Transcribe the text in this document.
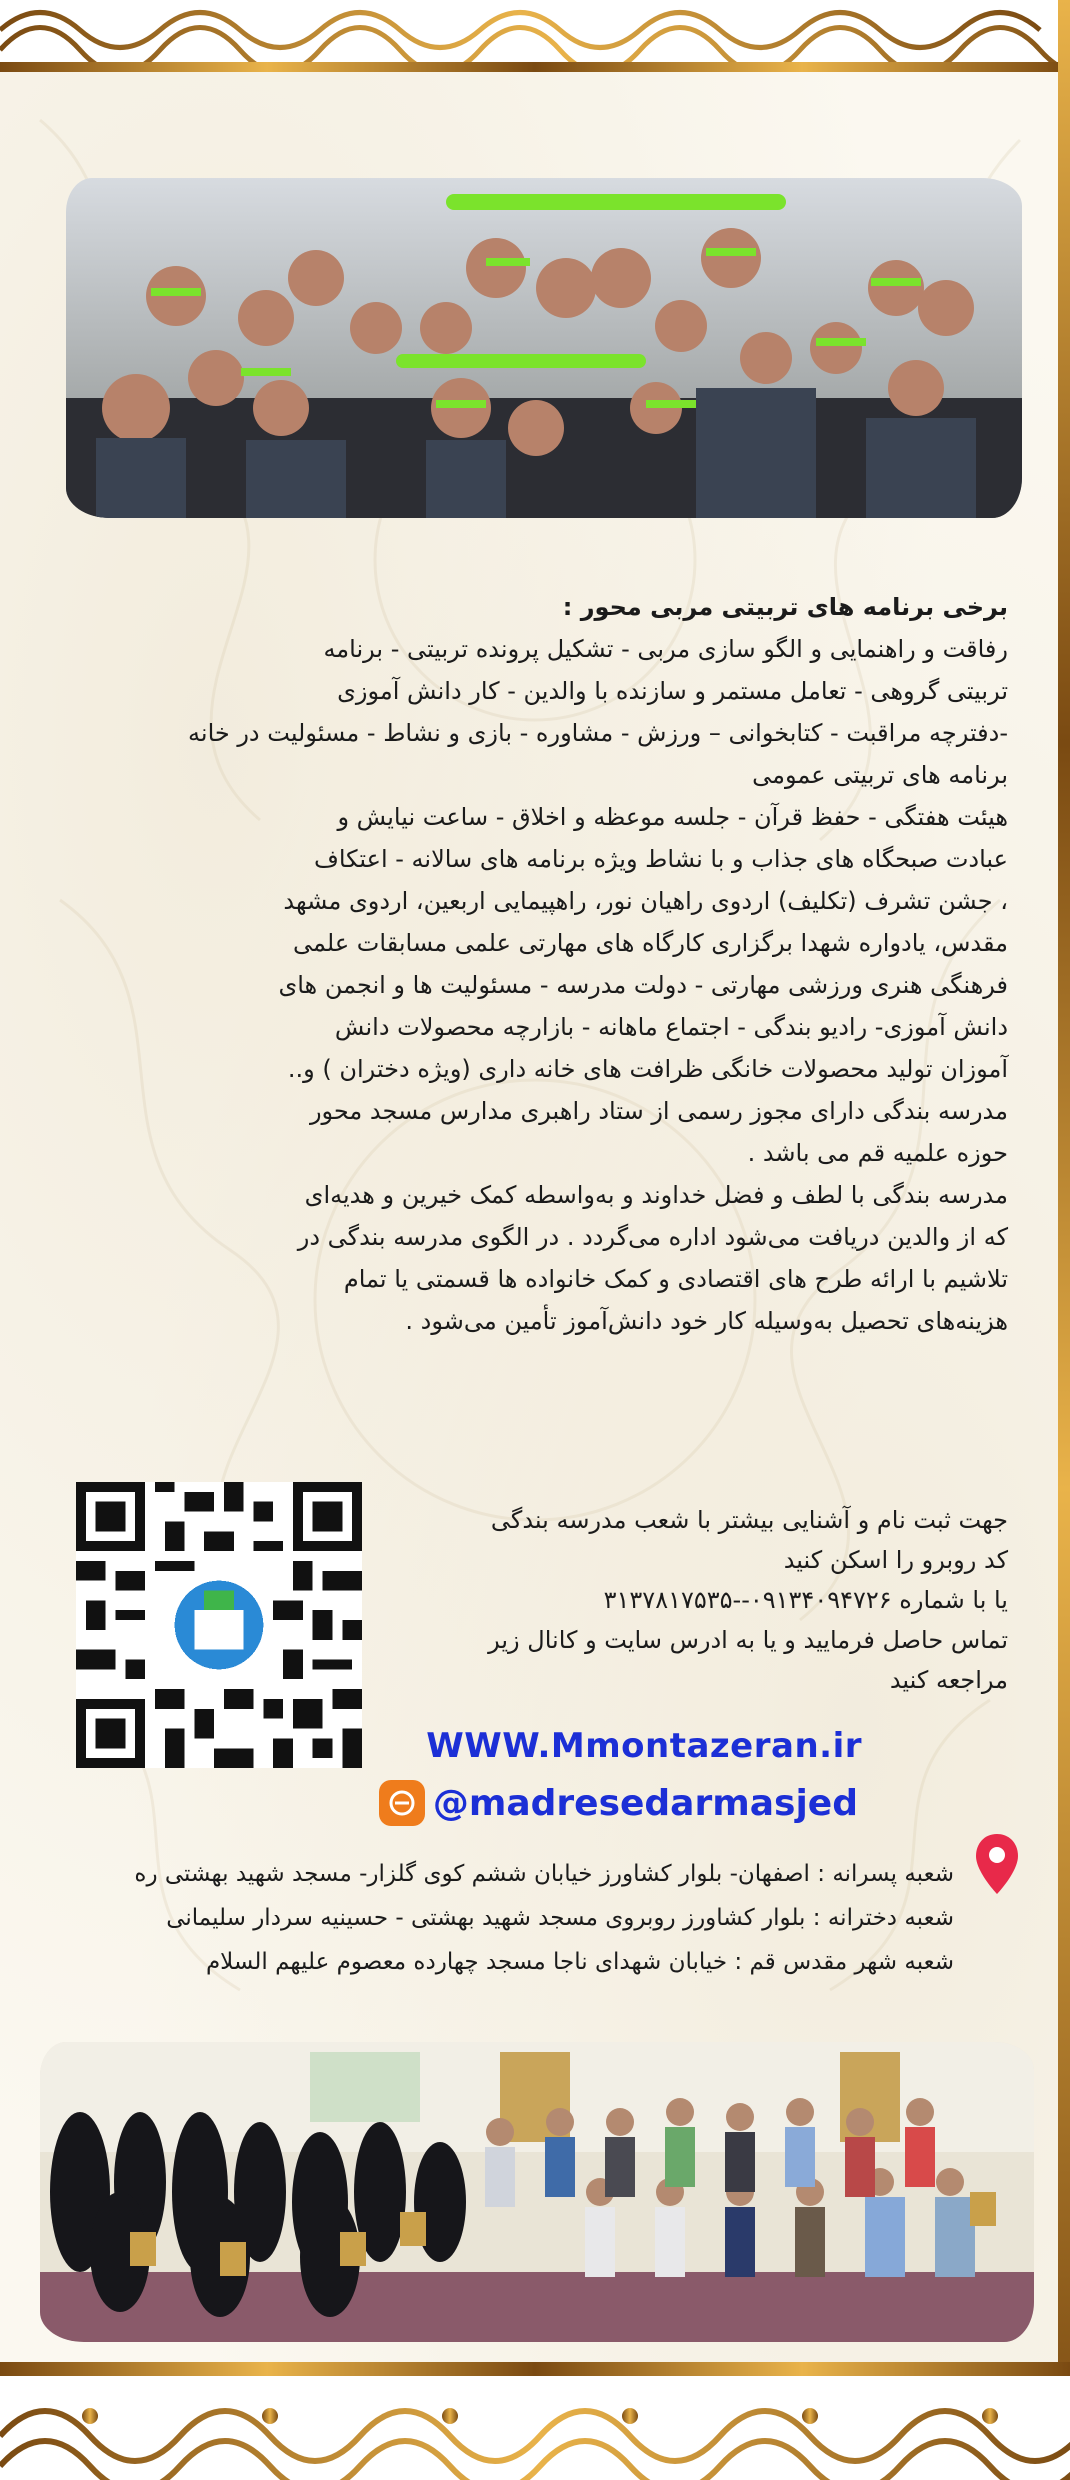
برخی برنامه های تربیتی مربی محور :

رفاقت و راهنمایی و الگو سازی مربی - تشکیل پرونده تربیتی - برنامه
تربیتی گروهی - تعامل مستمر و سازنده با والدین - کار دانش آموزی
-دفترچه مراقبت - کتابخوانی – ورزش - مشاوره - بازی و نشاط - مسئولیت در خانه

برنامه های تربیتی عمومی

هیئت هفتگی - حفظ قرآن - جلسه موعظه و اخلاق - ساعت نیایش و
عبادت صبحگاه های جذاب و با نشاط ویژه برنامه های سالانه - اعتکاف
، جشن تشرف (تکلیف) اردوی راهیان نور، راهپیمایی اربعین، اردوی مشهد
مقدس، یادواره شهدا برگزاری کارگاه های مهارتی علمی مسابقات علمی
فرهنگی هنری ورزشی مهارتی - دولت مدرسه - مسئولیت ها و انجمن های
دانش آموزی- رادیو بندگی - اجتماع ماهانه - بازارچه محصولات دانش
آموزان تولید محصولات خانگی ظرافت های خانه داری (ویژه دختران ) و..

مدرسه بندگی دارای مجوز رسمی از ستاد راهبری مدارس مسجد محور
حوزه علمیه قم می باشد .

مدرسه بندگی با لطف و فضل خداوند و به‌واسطه کمک خیرین و هدیه‌ای
که از والدین دریافت می‌شود اداره می‌گردد . در الگوی مدرسه بندگی در
تلاشیم با ارائه طرح های اقتصادی و کمک خانواده ها قسمتی یا تمام
هزینه‌های تحصیل به‌وسیله کار خود دانش‌آموز تأمین می‌شود .

جهت ثبت نام و آشنایی بیشتر با شعب مدرسه بندگی
کد روبرو را اسکن کنید
یا با شماره ۰۹۱۳۴۰۹۴۷۲۶--۳۱۳۷۸۱۷۵۳۵
تماس حاصل فرمایید و یا به ادرس سایت و کانال زیر
مراجعه کنید
WWW.Mmontazeran.ir
@madresedarmasjed
شعبه پسرانه : اصفهان- بلوار کشاورز خیابان ششم کوی گلزار- مسجد شهید بهشتی ره
شعبه دخترانه : بلوار کشاورز روبروی مسجد شهید بهشتی - حسینیه سردار سلیمانی
شعبه شهر مقدس قم : خیابان شهدای ناجا مسجد چهارده معصوم علیهم السلام
